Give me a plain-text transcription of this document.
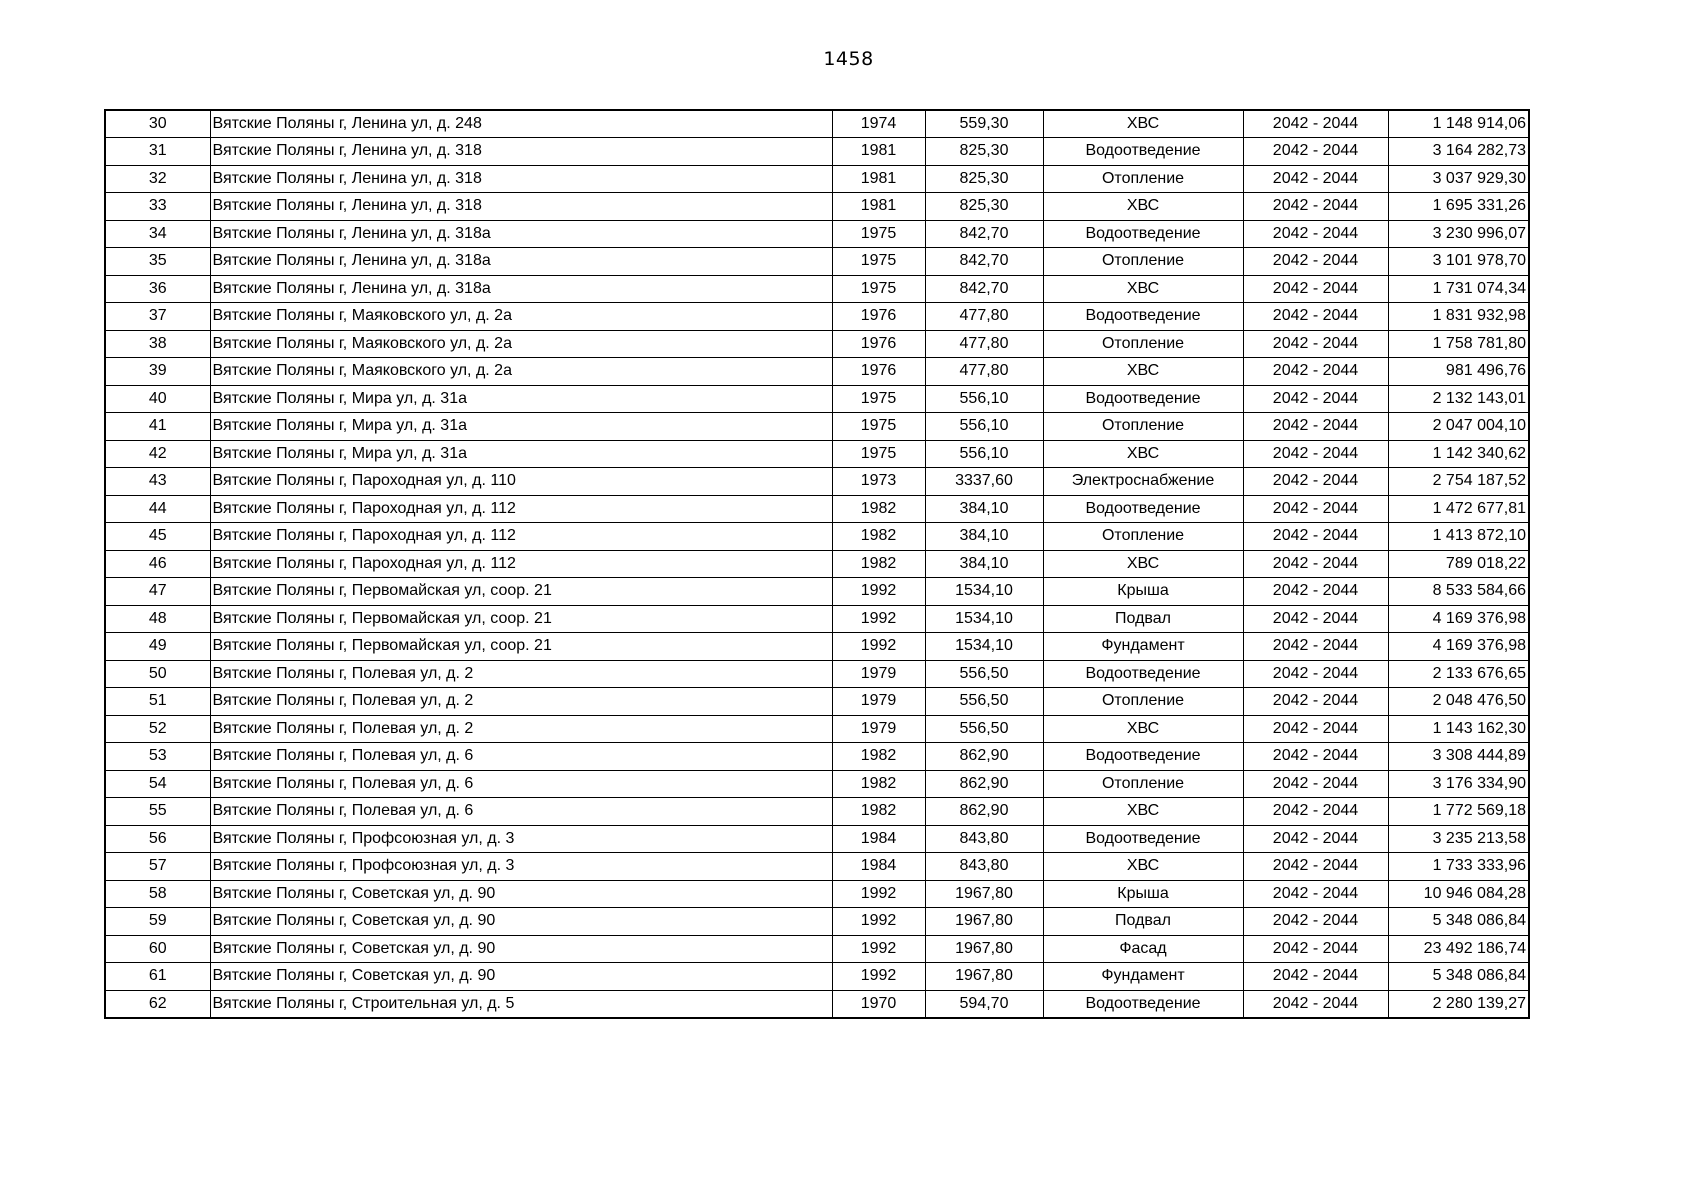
1458
30	Вятские Поляны г, Ленина ул, д. 248	1974	559,30	ХВС	2042 - 2044	1 148 914,06
31	Вятские Поляны г, Ленина ул, д. 318	1981	825,30	Водоотведение	2042 - 2044	3 164 282,73
32	Вятские Поляны г, Ленина ул, д. 318	1981	825,30	Отопление	2042 - 2044	3 037 929,30
33	Вятские Поляны г, Ленина ул, д. 318	1981	825,30	ХВС	2042 - 2044	1 695 331,26
34	Вятские Поляны г, Ленина ул, д. 318а	1975	842,70	Водоотведение	2042 - 2044	3 230 996,07
35	Вятские Поляны г, Ленина ул, д. 318а	1975	842,70	Отопление	2042 - 2044	3 101 978,70
36	Вятские Поляны г, Ленина ул, д. 318а	1975	842,70	ХВС	2042 - 2044	1 731 074,34
37	Вятские Поляны г, Маяковского ул, д. 2а	1976	477,80	Водоотведение	2042 - 2044	1 831 932,98
38	Вятские Поляны г, Маяковского ул, д. 2а	1976	477,80	Отопление	2042 - 2044	1 758 781,80
39	Вятские Поляны г, Маяковского ул, д. 2а	1976	477,80	ХВС	2042 - 2044	981 496,76
40	Вятские Поляны г, Мира ул, д. 31а	1975	556,10	Водоотведение	2042 - 2044	2 132 143,01
41	Вятские Поляны г, Мира ул, д. 31а	1975	556,10	Отопление	2042 - 2044	2 047 004,10
42	Вятские Поляны г, Мира ул, д. 31а	1975	556,10	ХВС	2042 - 2044	1 142 340,62
43	Вятские Поляны г, Пароходная ул, д. 110	1973	3337,60	Электроснабжение	2042 - 2044	2 754 187,52
44	Вятские Поляны г, Пароходная ул, д. 112	1982	384,10	Водоотведение	2042 - 2044	1 472 677,81
45	Вятские Поляны г, Пароходная ул, д. 112	1982	384,10	Отопление	2042 - 2044	1 413 872,10
46	Вятские Поляны г, Пароходная ул, д. 112	1982	384,10	ХВС	2042 - 2044	789 018,22
47	Вятские Поляны г, Первомайская ул, соор. 21	1992	1534,10	Крыша	2042 - 2044	8 533 584,66
48	Вятские Поляны г, Первомайская ул, соор. 21	1992	1534,10	Подвал	2042 - 2044	4 169 376,98
49	Вятские Поляны г, Первомайская ул, соор. 21	1992	1534,10	Фундамент	2042 - 2044	4 169 376,98
50	Вятские Поляны г, Полевая ул, д. 2	1979	556,50	Водоотведение	2042 - 2044	2 133 676,65
51	Вятские Поляны г, Полевая ул, д. 2	1979	556,50	Отопление	2042 - 2044	2 048 476,50
52	Вятские Поляны г, Полевая ул, д. 2	1979	556,50	ХВС	2042 - 2044	1 143 162,30
53	Вятские Поляны г, Полевая ул, д. 6	1982	862,90	Водоотведение	2042 - 2044	3 308 444,89
54	Вятские Поляны г, Полевая ул, д. 6	1982	862,90	Отопление	2042 - 2044	3 176 334,90
55	Вятские Поляны г, Полевая ул, д. 6	1982	862,90	ХВС	2042 - 2044	1 772 569,18
56	Вятские Поляны г, Профсоюзная ул, д. 3	1984	843,80	Водоотведение	2042 - 2044	3 235 213,58
57	Вятские Поляны г, Профсоюзная ул, д. 3	1984	843,80	ХВС	2042 - 2044	1 733 333,96
58	Вятские Поляны г, Советская ул, д. 90	1992	1967,80	Крыша	2042 - 2044	10 946 084,28
59	Вятские Поляны г, Советская ул, д. 90	1992	1967,80	Подвал	2042 - 2044	5 348 086,84
60	Вятские Поляны г, Советская ул, д. 90	1992	1967,80	Фасад	2042 - 2044	23 492 186,74
61	Вятские Поляны г, Советская ул, д. 90	1992	1967,80	Фундамент	2042 - 2044	5 348 086,84
62	Вятские Поляны г, Строительная ул, д. 5	1970	594,70	Водоотведение	2042 - 2044	2 280 139,27
